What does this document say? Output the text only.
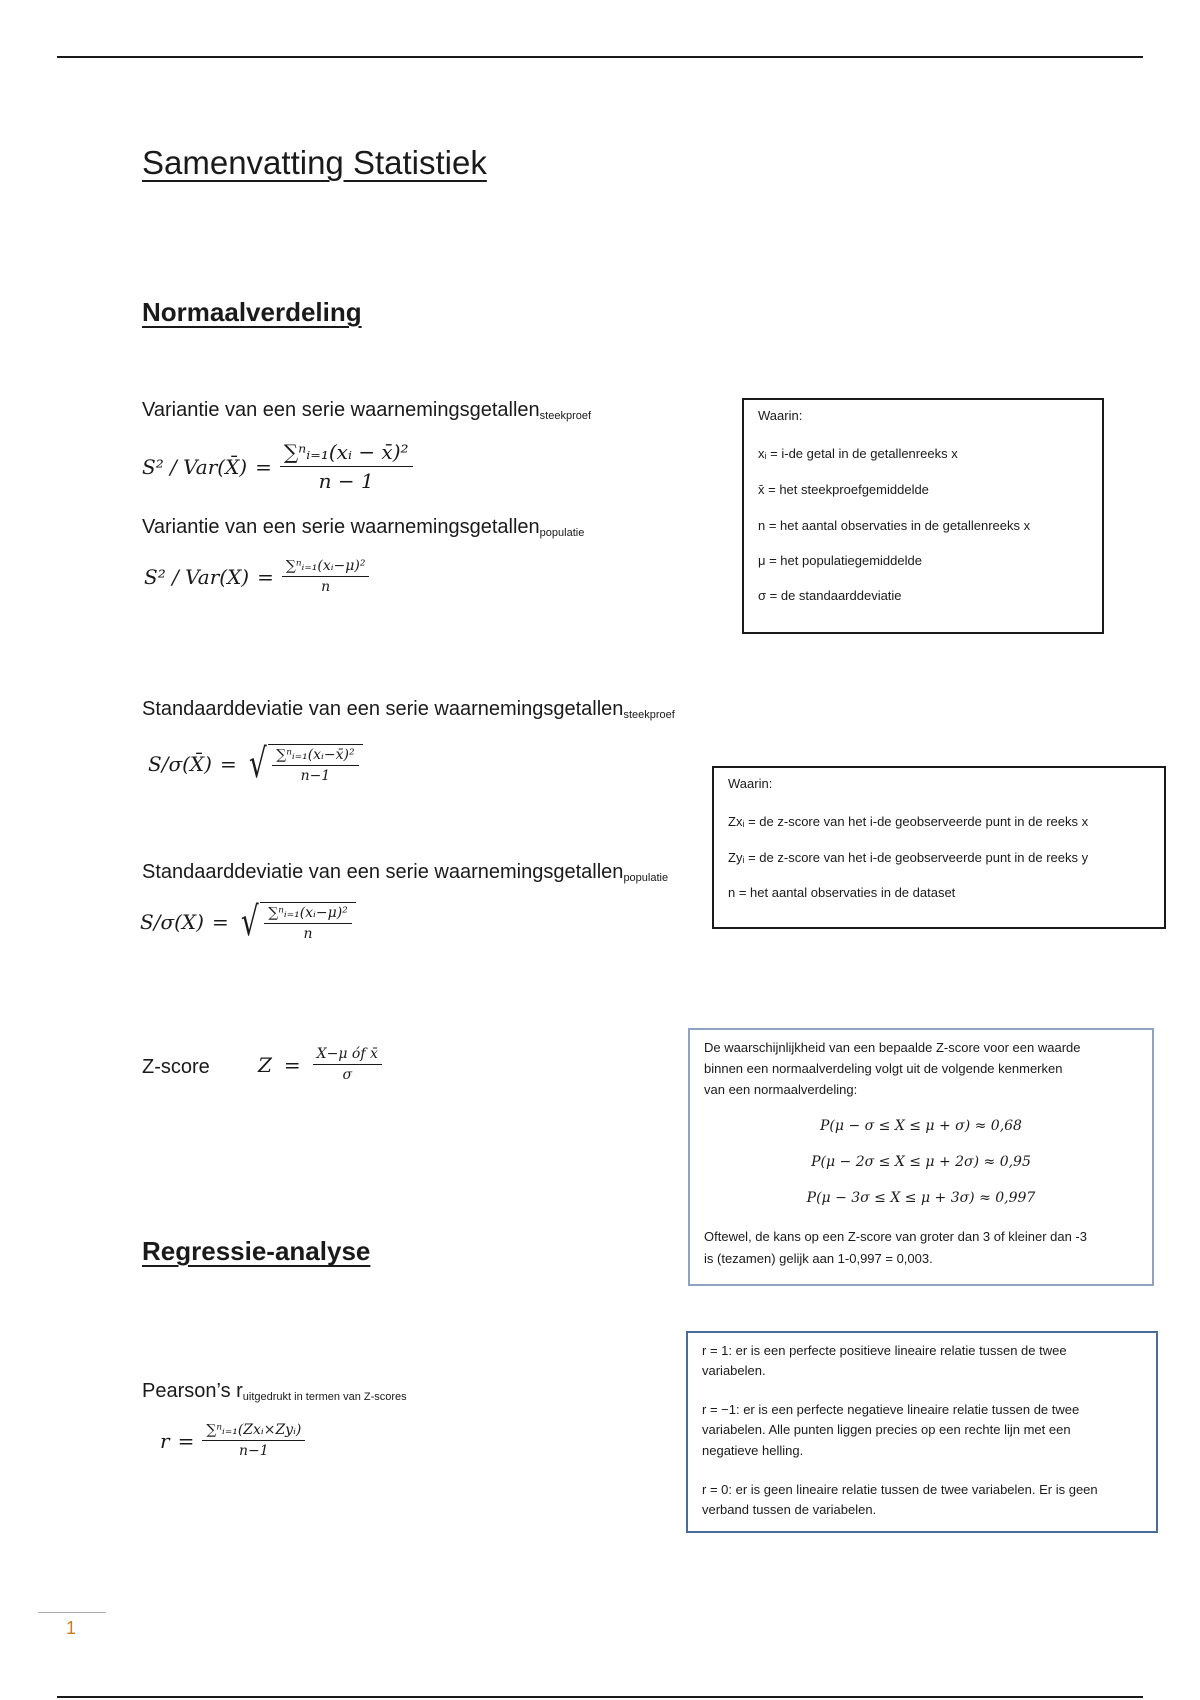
Samenvatting Statistiek
Normaalverdeling
Variantie van een serie waarnemingsgetallen$_{steekproef}$
S² / Var(X̄) = $\frac{\text{∑ⁿᵢ₌₁(xᵢ − x̄)²}}{n - 1}$
Variantie van een serie waarnemingsgetallen$_{populatie}$
$S^2 / Var(X) = \frac{\text{∑ⁿᵢ₌₁(xᵢ−μ)²}}{n}$
Waarin:
xᵢ = i-de getal in de getallenreeks x
x̄ = het steekproefgemiddelde
n = het aantal observaties in de getallenreeks x
μ = het populatiegemiddelde
σ = de standaarddeviatie
Standaarddeviatie van een serie waarnemingsgetallen$_{steekproef}$
S/σ(X̄) = √ $\frac{\text{∑ⁿᵢ₌₁(xᵢ−x̄)²}}{n-1}$	Waarin:
Zxᵢ = de z-score van het i-de geobserveerde punt in de reeks x
Zyᵢ = de z-score van het i-de geobserveerde punt in de reeks y
n = het aantal observaties in de dataset
Standaarddeviatie van een serie waarnemingsgetallen$_{populatie}$
S/σ(X) = √ $\frac{\text{∑ⁿᵢ₌₁(xᵢ−μ)²}}{n}$
Z-score $Z = \frac{\text{X−μ óf x̄}}{\sigma}$	De waarschijnlijkheid van een bepaalde Z-score voor een waarde
binnen een normaalverdeling volgt uit de volgende kenmerken
van een normaalverdeling:
P(μ − σ ≤ X ≤ μ + σ) ≈ 0,68
P(μ − 2σ ≤ X ≤ μ + 2σ) ≈ 0,95
P(μ − 3σ ≤ X ≤ μ + 3σ) ≈ 0,997
Oftewel, de kans op een Z-score van groter dan 3 of kleiner dan -3
is (tezamen) gelijk aan 1-0,997 = 0,003.
Regressie-analyse
r = 1: er is een perfecte positieve lineaire relatie tussen de twee
variabelen.
r = −1: er is een perfecte negatieve lineaire relatie tussen de twee
variabelen. Alle punten liggen precies op een rechte lijn met een
negatieve helling.
r = 0: er is geen lineaire relatie tussen de twee variabelen. Er is geen
verband tussen de variabelen.
Pearson’s $r_{uitgedrukt in termen van Z-scores}$
$r = \frac{\text{∑ⁿᵢ₌₁(Zxᵢ×Zyᵢ)}}{n-1}$
1
